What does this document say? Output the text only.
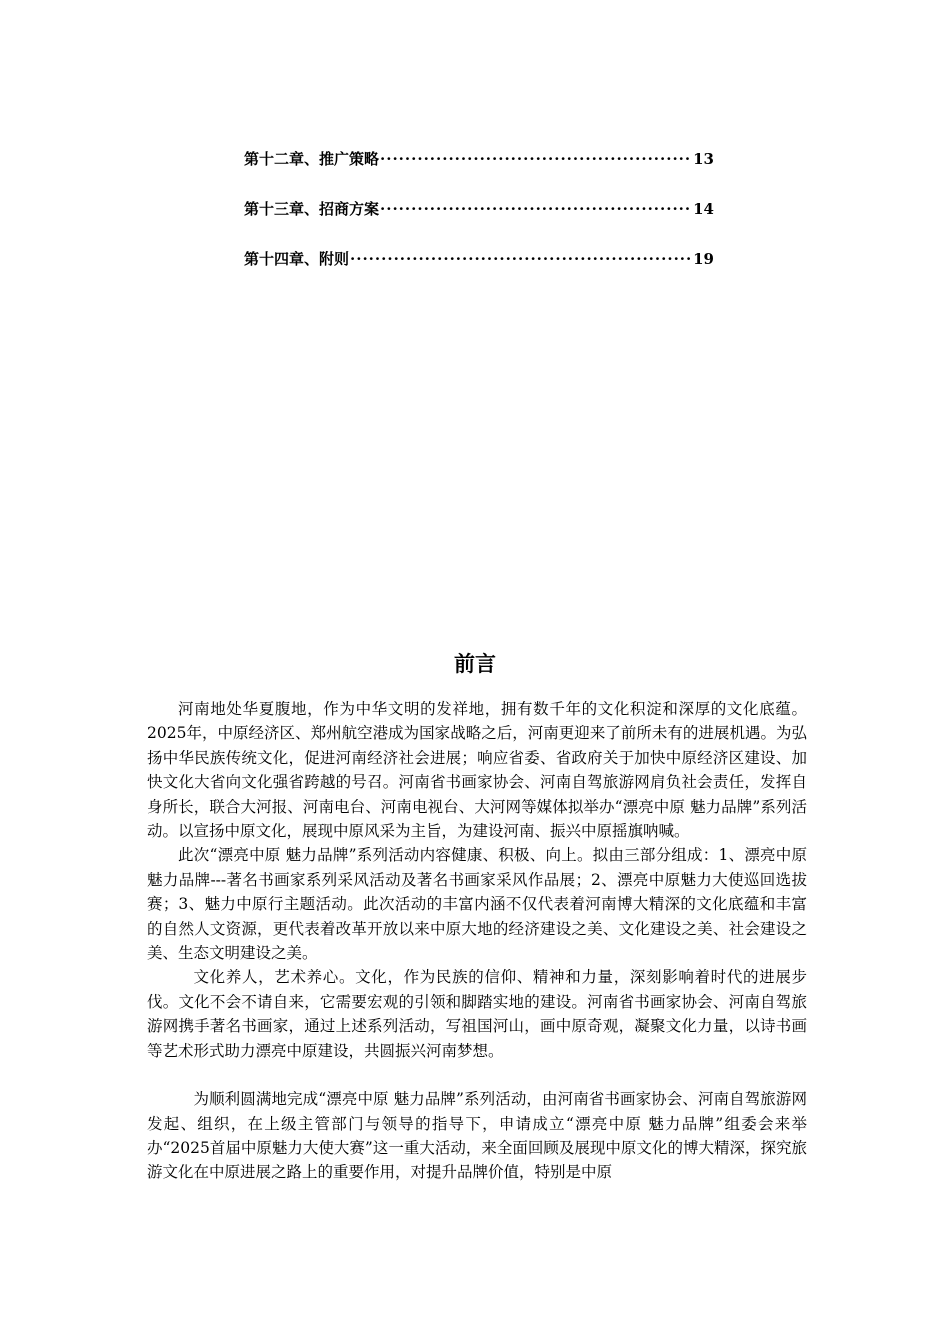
第十二章、推广策略 ·····	13
第十三章、招商方案 ·····	14
第十四章、附则 ·····	19
前言

河南地处华夏腹地，作为中华文明的发祥地，拥有数千年的文化积淀和深厚的文化底蕴。2025年，中原经济区、郑州航空港成为国家战略之后，河南更迎来了前所未有的进展机遇。为弘扬中华民族传统文化，促进河南经济社会进展；响应省委、省政府关于加快中原经济区建设、加快文化大省向文化强省跨越的号召。河南省书画家协会、河南自驾旅游网肩负社会责任，发挥自身所长，联合大河报、河南电台、河南电视台、大河网等媒体拟举办“漂亮中原 魅力品牌”系列活动。以宣扬中原文化，展现中原风采为主旨，为建设河南、振兴中原摇旗呐喊。

此次“漂亮中原 魅力品牌”系列活动内容健康、积极、向上。拟由三部分组成：1、漂亮中原 魅力品牌---著名书画家系列采风活动及著名书画家采风作品展；2、漂亮中原魅力大使巡回选拔赛；3、魅力中原行主题活动。此次活动的丰富内涵不仅代表着河南博大精深的文化底蕴和丰富的自然人文资源，更代表着改革开放以来中原大地的经济建设之美、文化建设之美、社会建设之美、生态文明建设之美。

文化养人，艺术养心。文化，作为民族的信仰、精神和力量，深刻影响着时代的进展步伐。文化不会不请自来，它需要宏观的引领和脚踏实地的建设。河南省书画家协会、河南自驾旅游网携手著名书画家，通过上述系列活动，写祖国河山，画中原奇观，凝聚文化力量，以诗书画等艺术形式助力漂亮中原建设，共圆振兴河南梦想。

为顺利圆满地完成“漂亮中原 魅力品牌”系列活动，由河南省书画家协会、河南自驾旅游网发起、组织，在上级主管部门与领导的指导下，申请成立“漂亮中原 魅力品牌”组委会来举办“2025首届中原魅力大使大赛”这一重大活动，来全面回顾及展现中原文化的博大精深，探究旅游文化在中原进展之路上的重要作用，对提升品牌价值，特别是中原
